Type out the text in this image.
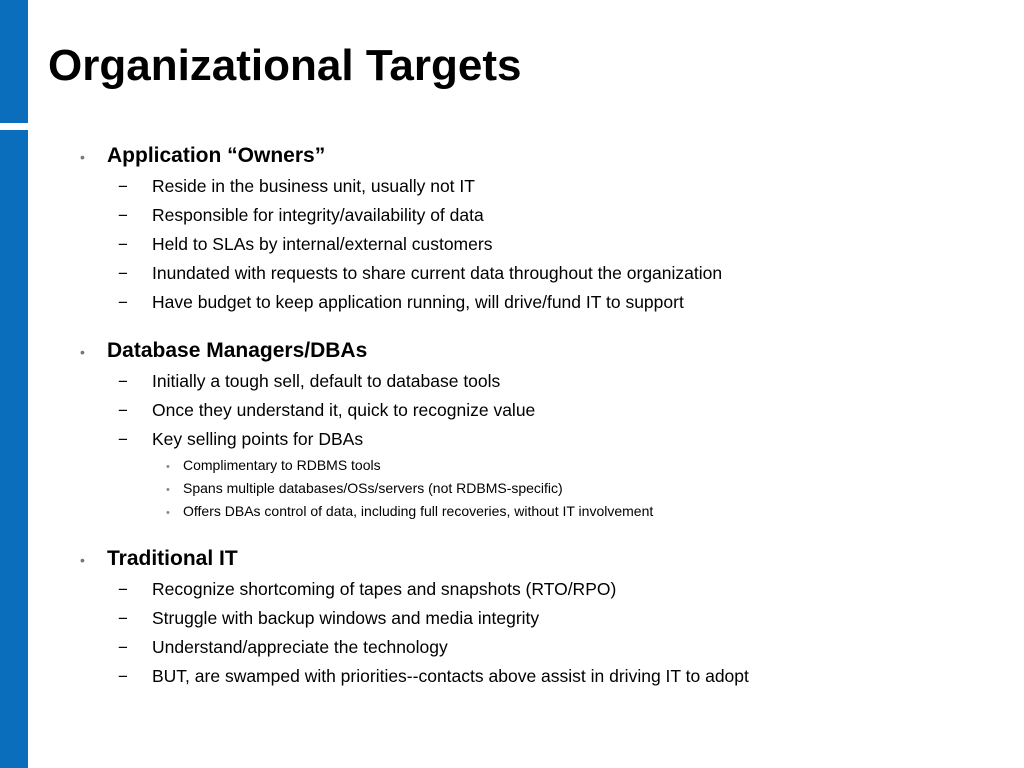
Organizational Targets
•	Application “Owners”
−	Reside in the business unit, usually not IT
−	Responsible for integrity/availability of data
−	Held to SLAs by internal/external customers
−	Inundated with requests to share current data throughout the organization
−	Have budget to keep application running, will drive/fund IT to support
•	Database Managers/DBAs
−	Initially a tough sell, default to database tools
−	Once they understand it, quick to recognize value
−	Key selling points for DBAs
• Complimentary to RDBMS tools
• Spans multiple databases/OSs/servers (not RDBMS-specific)
• Offers DBAs control of data, including full recoveries, without IT involvement
•	Traditional IT
−	Recognize shortcoming of tapes and snapshots (RTO/RPO)
−	Struggle with backup windows and media integrity
−	Understand/appreciate the technology
−	BUT, are swamped with priorities--contacts above assist in driving IT to adopt
